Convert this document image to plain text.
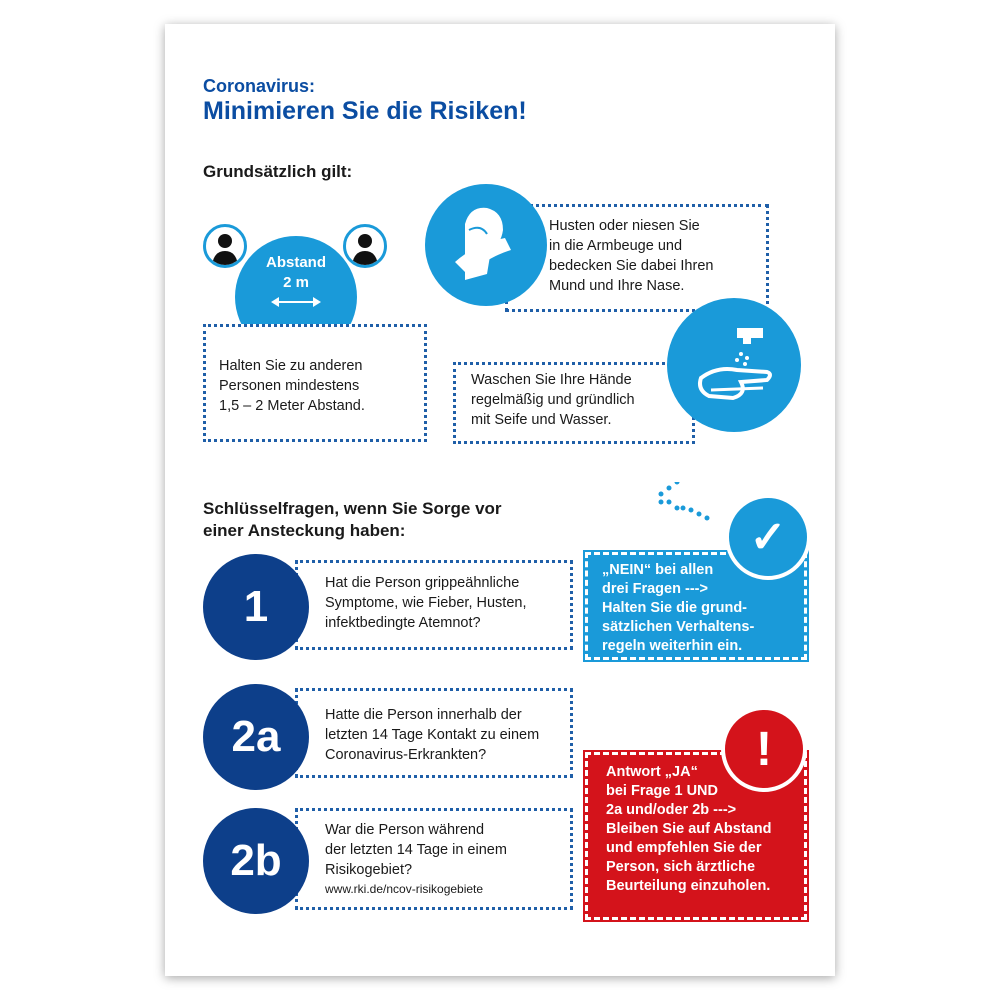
Coronavirus:
Minimieren Sie die Risiken!
Grundsätzlich gilt:
Abstand
2 m
Halten Sie zu anderen
Personen mindestens
1,5 – 2 Meter Abstand.
Husten oder niesen Sie
in die Armbeuge und
bedecken Sie dabei Ihren
Mund und Ihre Nase.
Waschen Sie Ihre Hände
regelmäßig und gründlich
mit Seife und Wasser.
Schlüsselfragen, wenn Sie Sorge vor
einer Ansteckung haben:
1	Hat die Person grippeähnliche
Symptome, wie Fieber, Husten,
infektbedingte Atemnot?
2a	Hatte die Person innerhalb der
letzten 14 Tage Kontakt zu einem
Coronavirus-Erkrankten?
2b
War die Person während
der letzten 14 Tage in einem
Risikogebiet?
www.rki.de/ncov-risikogebiete
„NEIN“ bei allen
drei Fragen --->
Halten Sie die grund-
sätzlichen Verhaltens-
regeln weiterhin ein.
✓
Antwort „JA“
bei Frage 1 UND
2a und/oder 2b --->
Bleiben Sie auf Abstand
und empfehlen Sie der
Person, sich ärztliche
Beurteilung einzuholen.
!
